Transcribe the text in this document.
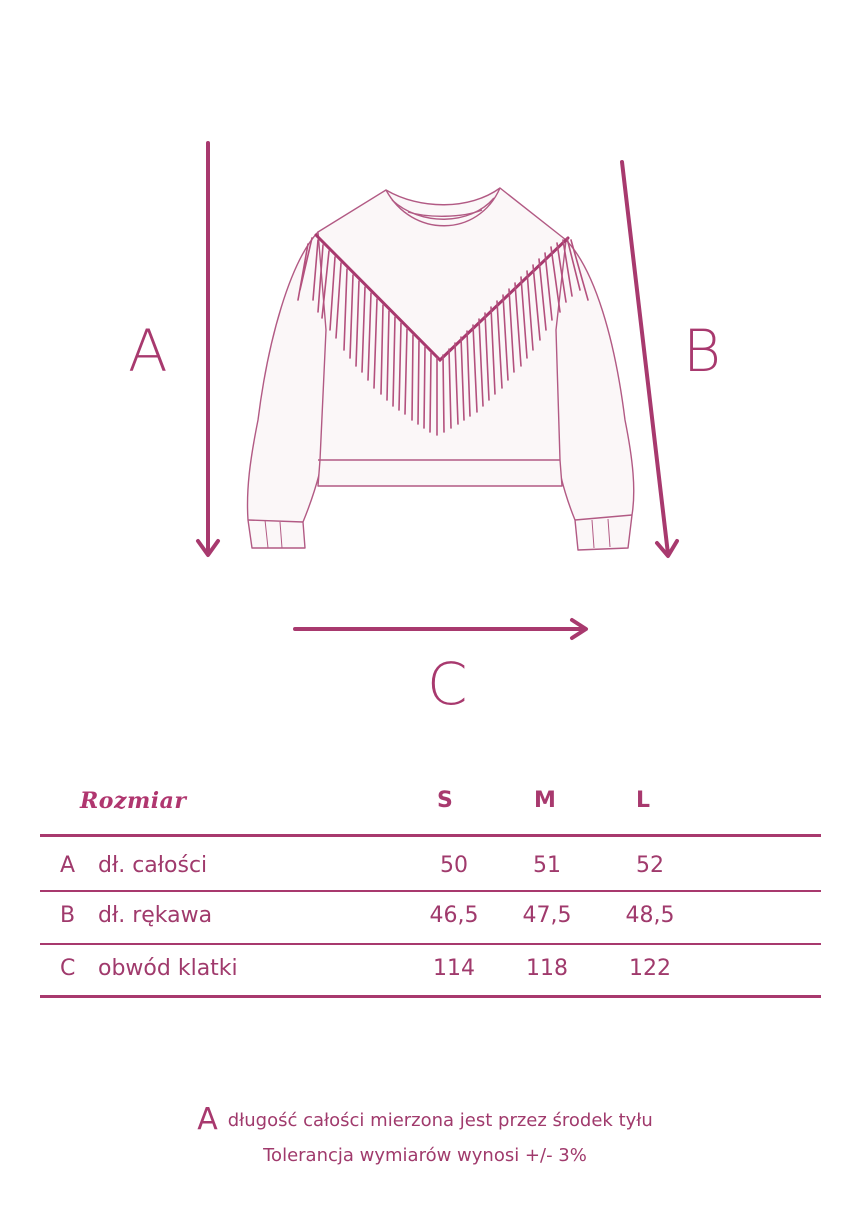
A	B
C
Rozmiar	S	M	L
A dł. całości	50	51	52
B dł. rękawa	46,5	47,5	48,5
C obwód klatki	114	118	122
Adługość całości mierzona jest przez środek tyłu
Tolerancja wymiarów wynosi +/- 3%
